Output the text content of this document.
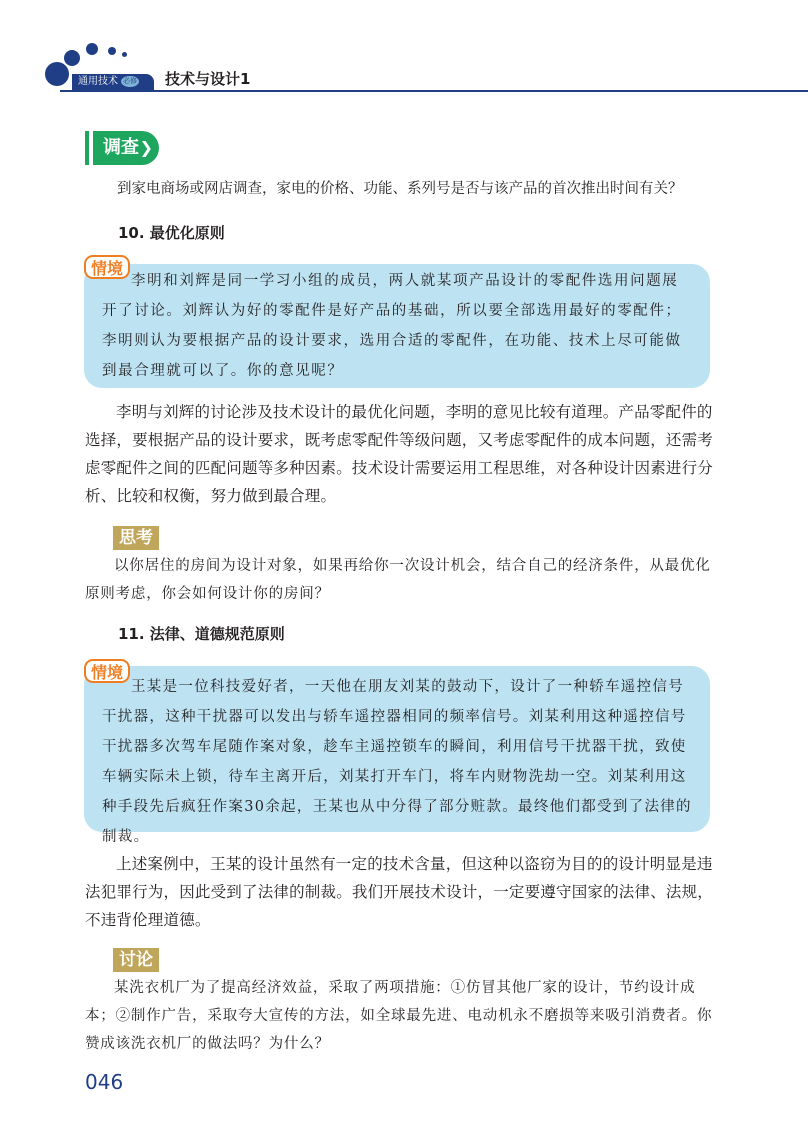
通用技术 必修	技术与设计1
调查 ❯
到家电商场或网店调查，家电的价格、功能、系列号是否与该产品的首次推出时间有关？
10. 最优化原则
李明和刘辉是同一学习小组的成员，两人就某项产品设计的零配件选用问题展开了讨论。刘辉认为好的零配件是好产品的基础，所以要全部选用最好的零配件；李明则认为要根据产品的设计要求，选用合适的零配件，在功能、技术上尽可能做到最合理就可以了。你的意见呢？
情境
李明与刘辉的讨论涉及技术设计的最优化问题，李明的意见比较有道理。产品零配件的选择，要根据产品的设计要求，既考虑零配件等级问题，又考虑零配件的成本问题，还需考虑零配件之间的匹配问题等多种因素。技术设计需要运用工程思维，对各种设计因素进行分析、比较和权衡，努力做到最合理。
思考
以你居住的房间为设计对象，如果再给你一次设计机会，结合自己的经济条件，从最优化原则考虑，你会如何设计你的房间？
11. 法律、道德规范原则
王某是一位科技爱好者，一天他在朋友刘某的鼓动下，设计了一种轿车遥控信号干扰器，这种干扰器可以发出与轿车遥控器相同的频率信号。刘某利用这种遥控信号干扰器多次驾车尾随作案对象，趁车主遥控锁车的瞬间，利用信号干扰器干扰，致使车辆实际未上锁，待车主离开后，刘某打开车门，将车内财物洗劫一空。刘某利用这种手段先后疯狂作案30余起，王某也从中分得了部分赃款。最终他们都受到了法律的制裁。
情境
上述案例中，王某的设计虽然有一定的技术含量，但这种以盗窃为目的的设计明显是违法犯罪行为，因此受到了法律的制裁。我们开展技术设计，一定要遵守国家的法律、法规，不违背伦理道德。
讨论
某洗衣机厂为了提高经济效益，采取了两项措施：①仿冒其他厂家的设计，节约设计成本；②制作广告，采取夸大宣传的方法，如全球最先进、电动机永不磨损等来吸引消费者。你赞成该洗衣机厂的做法吗？为什么？
046
